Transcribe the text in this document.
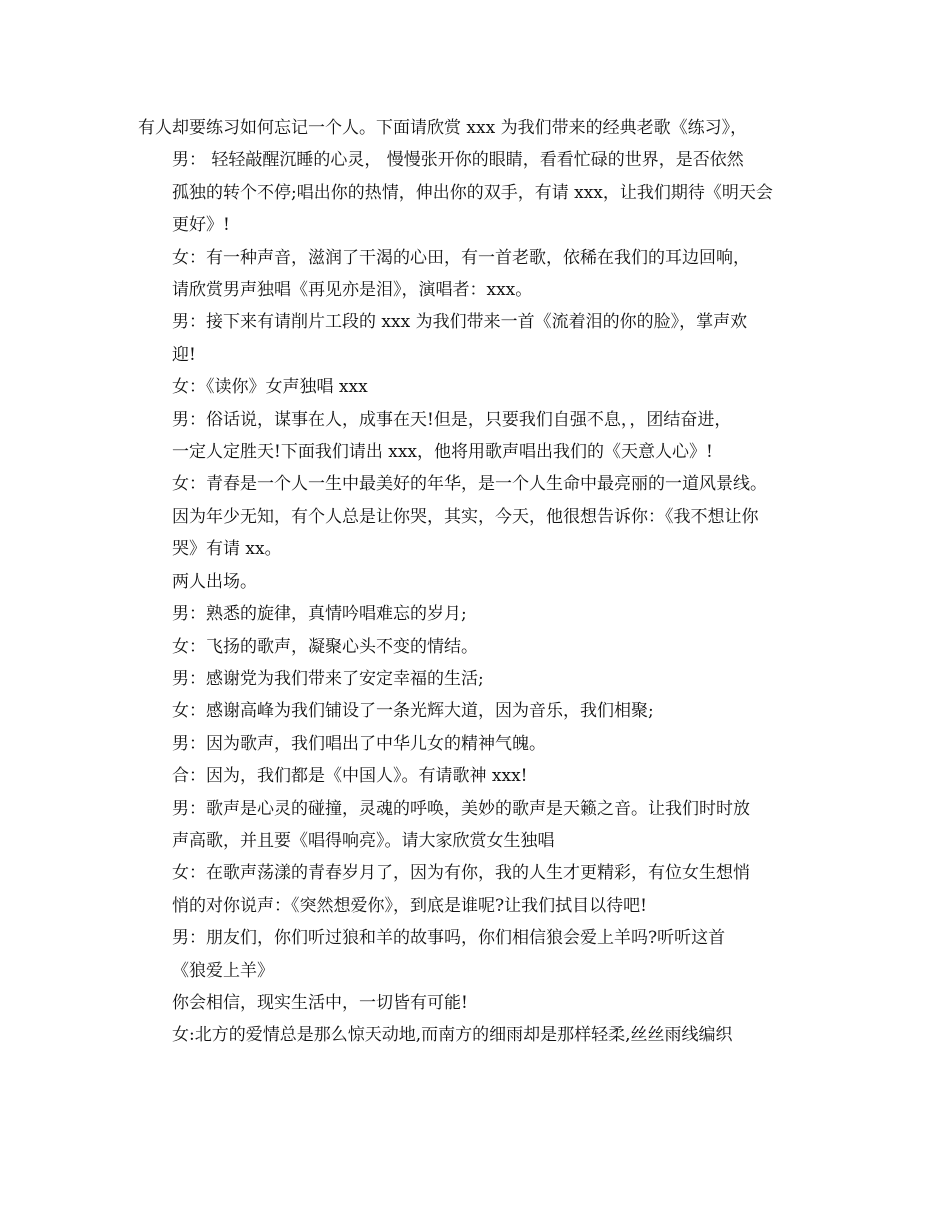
有人却要练习如何忘记一个人。下面请欣赏 xxx 为我们带来的经典老歌《练习》，
男： 轻轻敲醒沉睡的心灵， 慢慢张开你的眼睛，看看忙碌的世界，是否依然
孤独的转个不停;唱出你的热情，伸出你的双手，有请 xxx，让我们期待《明天会
更好》!
女：有一种声音，滋润了干渴的心田，有一首老歌，依稀在我们的耳边回响，
请欣赏男声独唱《再见亦是泪》，演唱者：xxx。
男：接下来有请削片工段的 xxx 为我们带来一首《流着泪的你的脸》，掌声欢
迎!
女：《读你》女声独唱 xxx
男：俗话说，谋事在人，成事在天!但是，只要我们自强不息，，团结奋进，
一定人定胜天!下面我们请出 xxx，他将用歌声唱出我们的《天意人心》!
女：青春是一个人一生中最美好的年华，是一个人生命中最亮丽的一道风景线。
因为年少无知，有个人总是让你哭，其实，今天，他很想告诉你：《我不想让你
哭》有请 xx。
两人出场。
男：熟悉的旋律，真情吟唱难忘的岁月;
女：飞扬的歌声，凝聚心头不变的情结。
男：感谢党为我们带来了安定幸福的生活;
女：感谢高峰为我们铺设了一条光辉大道，因为音乐，我们相聚;
男：因为歌声，我们唱出了中华儿女的精神气魄。
合：因为，我们都是《中国人》。有请歌神 xxx!
男：歌声是心灵的碰撞，灵魂的呼唤，美妙的歌声是天籁之音。让我们时时放
声高歌，并且要《唱得响亮》。请大家欣赏女生独唱
女：在歌声荡漾的青春岁月了，因为有你，我的人生才更精彩，有位女生想悄
悄的对你说声：《突然想爱你》，到底是谁呢?让我们拭目以待吧!
男：朋友们，你们听过狼和羊的故事吗，你们相信狼会爱上羊吗?听听这首
《狼爱上羊》
你会相信，现实生活中，一切皆有可能!
女:北方的爱情总是那么惊天动地,而南方的细雨却是那样轻柔,丝丝雨线编织
